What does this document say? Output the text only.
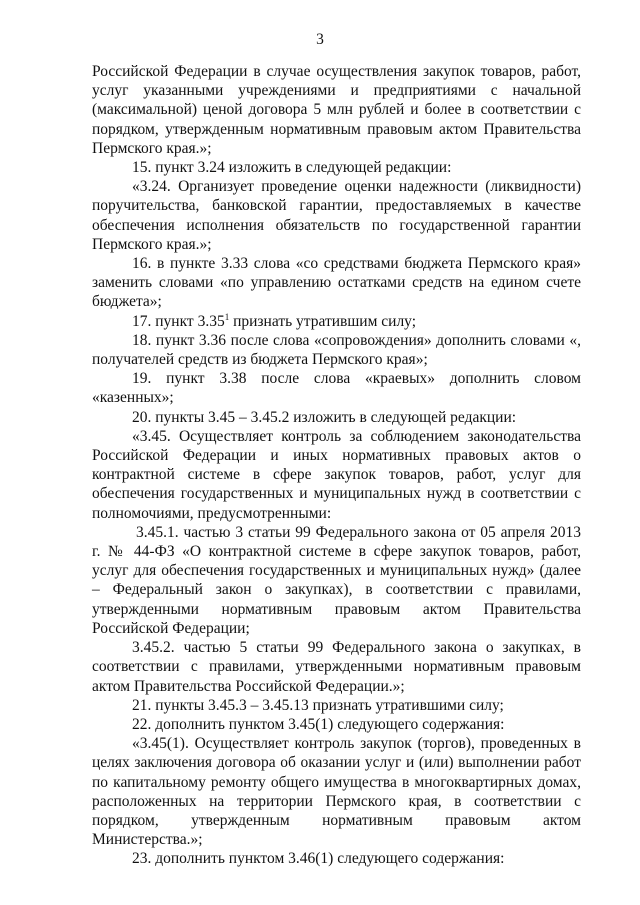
3

Российской Федерации в случае осуществления закупок товаров, работ, услуг указанными учреждениями и предприятиями с начальной (максимальной) ценой договора 5 млн рублей и более в соответствии с порядком, утвержденным нормативным правовым актом Правительства Пермского края.»;

15. пункт 3.24 изложить в следующей редакции:

«3.24. Организует проведение оценки надежности (ликвидности) поручительства, банковской гарантии, предоставляемых в качестве обеспечения исполнения обязательств по государственной гарантии Пермского края.»;

16. в пункте 3.33 слова «со средствами бюджета Пермского края» заменить словами «по управлению остатками средств на едином счете бюджета»;

17. пункт 3.35$^1$ признать утратившим силу;

18. пункт 3.36 после слова «сопровождения» дополнить словами «, получателей средств из бюджета Пермского края»;

19. пункт 3.38 после слова «краевых» дополнить словом «казенных»;

20. пункты 3.45 – 3.45.2 изложить в следующей редакции:

«3.45. Осуществляет контроль за соблюдением законодательства Российской Федерации и иных нормативных правовых актов о контрактной системе в сфере закупок товаров, работ, услуг для обеспечения государственных и муниципальных нужд в соответствии с полномочиями, предусмотренными:

3.45.1. частью 3 статьи 99 Федерального закона от 05 апреля 2013 г. № 44-ФЗ «О контрактной системе в сфере закупок товаров, работ, услуг для обеспечения государственных и муниципальных нужд» (далее – Федеральный закон о закупках), в соответствии с правилами, утвержденными нормативным правовым актом Правительства Российской Федерации;

3.45.2. частью 5 статьи 99 Федерального закона о закупках, в соответствии с правилами, утвержденными нормативным правовым актом Правительства Российской Федерации.»;

21. пункты 3.45.3 – 3.45.13 признать утратившими силу;

22. дополнить пунктом 3.45(1) следующего содержания:

«3.45(1). Осуществляет контроль закупок (торгов), проведенных в целях заключения договора об оказании услуг и (или) выполнении работ по капитальному ремонту общего имущества в многоквартирных домах, расположенных на территории Пермского края, в соответствии с порядком, утвержденным нормативным правовым актом Министерства.»;

23. дополнить пунктом 3.46(1) следующего содержания:
